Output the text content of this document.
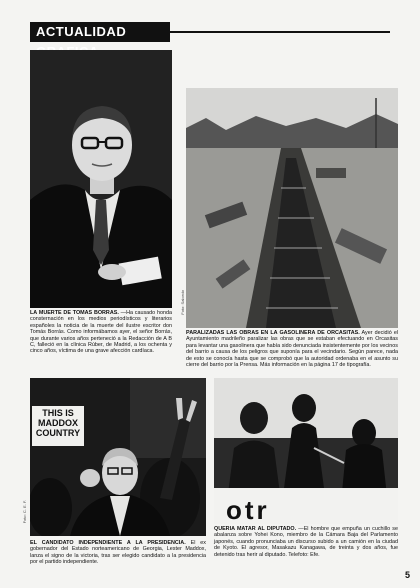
ACTUALIDAD
LA MUERTE DE TOMAS BORRAS. —Ha causado honda consternación en los medios periodísticos y literarios españoles la noticia de la muerte del ilustre escritor don Tomás Borrás. Como informábamos ayer, el señor Borrás, que durante varios años perteneció a la Redacción de A B C, falleció en la clínica Rúber, de Madrid, a los ochenta y cinco años, víctima de una grave afección cardíaca.
Foto: Salcedo
PARALIZADAS LAS OBRAS EN LA GASOLINERA DE ORCASITAS. Ayer decidió el Ayuntamiento madrileño paralizar las obras que se estaban efectuando en Orcasitas para levantar una gasolinera que había sido denunciada insistentemente por los vecinos del barrio a causa de los peligros que suponía para el vecindario. Según parece, nada de esto se conocía hasta que se comprobó que la autoridad ordenaba en el asunto su cierre del barrio por la Prensa. Más información en la página 17 de tipografía.
THIS IS
MADDOX
COUNTRY
Foto: C. E. F.
EL CANDIDATO INDEPENDIENTE A LA PRESIDENCIA. El ex gobernador del Estado norteamericano de Georgia, Lester Maddox, lanza el signo de la victoria, tras ser elegido candidato a la presidencia por el partido independiente.
otr
QUERIA MATAR AL DIPUTADO. —El hombre que empuña un cuchillo se abalanza sobre Yohei Kono, miembro de la Cámara Baja del Parlamento japonés, cuando pronunciaba un discurso subido a un camión en la ciudad de Kyoto. El agresor, Masakazu Kanagawa, de treinta y dos años, fue detenido tras herir al diputado. Telefoto: Efe.
5
